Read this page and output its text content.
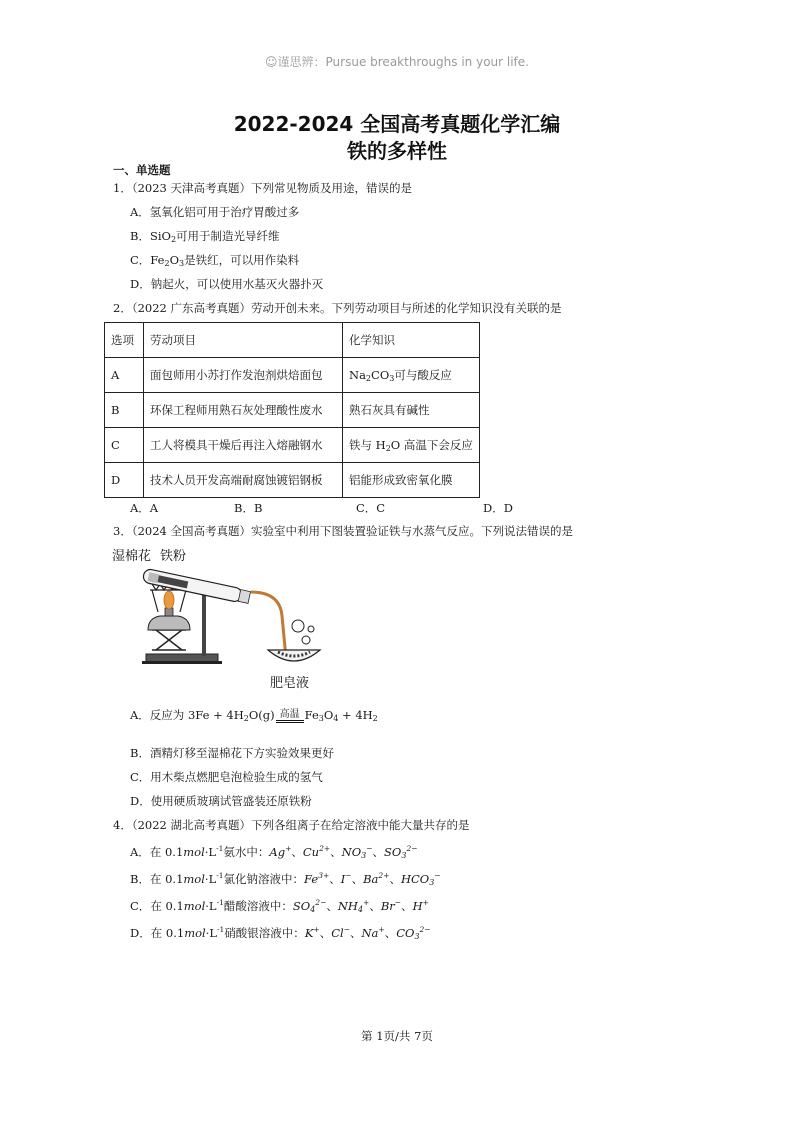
☺谨思辨：Pursue breakthroughs in your life.
2022-2024 全国高考真题化学汇编
铁的多样性
一、单选题
1．（2023 天津高考真题）下列常见物质及用途，错误的是
A．氢氧化铝可用于治疗胃酸过多
B．SiO$_2$可用于制造光导纤维
C．$Fe_2O_3$是铁红，可以用作染料
D．钠起火，可以使用水基灭火器扑灭
2．（2022 广东高考真题）劳动开创未来。下列劳动项目与所述的化学知识没有关联的是
选项	劳动项目	化学知识
A	面包师用小苏打作发泡剂烘焙面包	$Na_2CO_3$可与酸反应
B	环保工程师用熟石灰处理酸性废水	熟石灰具有碱性
C	工人将模具干燥后再注入熔融钢水	铁与 $H_2O$ 高温下会反应
D	技术人员开发高端耐腐蚀镀铝钢板	铝能形成致密氧化膜
A．A	B．B	C．C	D．D
3．（2024 全国高考真题）实验室中利用下图装置验证铁与水蒸气反应。下列说法错误的是
湿棉花 铁粉
肥皂液
A．反应为 $3Fe + 4H_2O(g)$ 高温 $Fe_3O_4 + 4H_2$
B．酒精灯移至湿棉花下方实验效果更好
C．用木柴点燃肥皂泡检验生成的氢气
D．使用硬质玻璃试管盛装还原铁粉
4．（2022 湖北高考真题）下列各组离子在给定溶液中能大量共存的是
A．在 $0.1mol\cdot L^{-1}$氨水中：Ag+、$Cu^{2+}$、$NO_3^-$、$SO_3^{2-}$
B．在 $0.1mol\cdot L^{-1}$氯化钠溶液中：$Fe^{3+}$、I−、$Ba^{2+}$、$HCO_3^-$
C．在 $0.1mol\cdot L^{-1}$醋酸溶液中：$SO_4^{2-}$、$NH_4^+$、Br−、H+
D．在 $0.1mol\cdot L^{-1}$硝酸银溶液中：K+、Cl−、Na+、$CO_3^{2-}$
第 1页/共 7页
